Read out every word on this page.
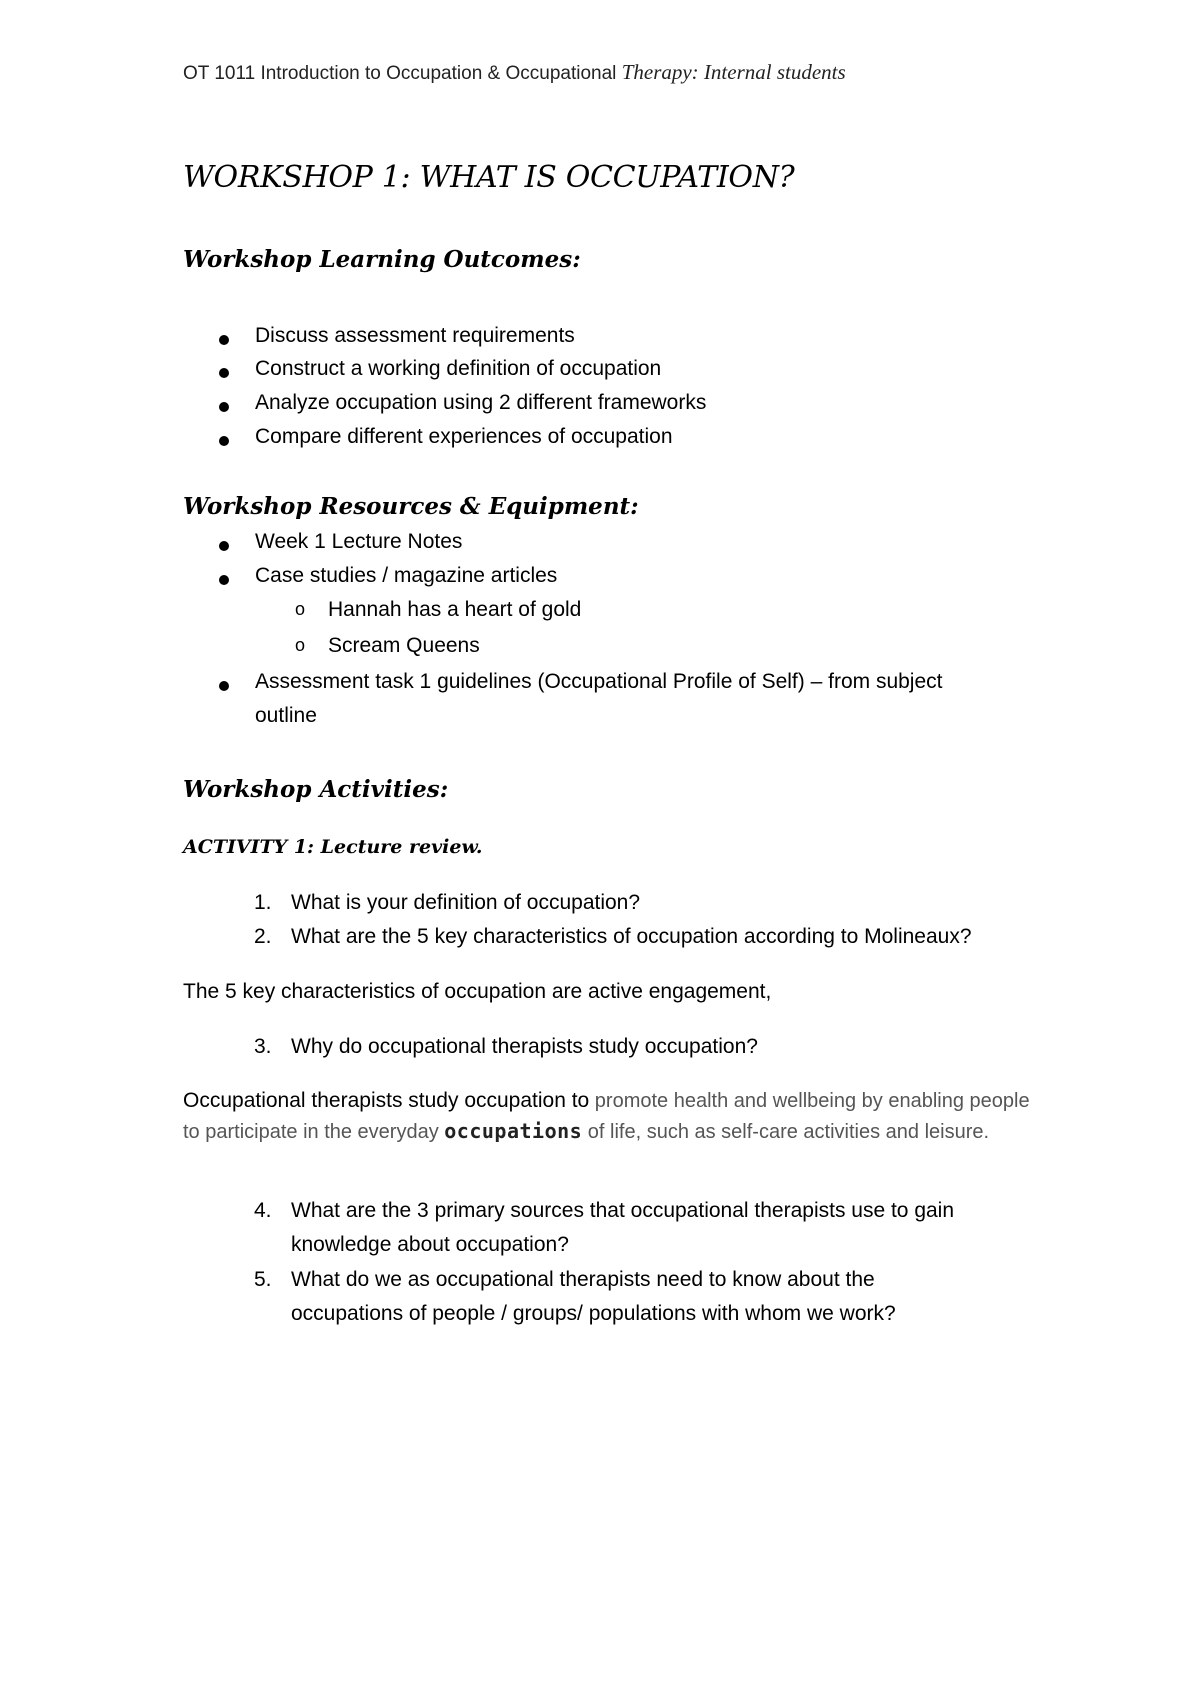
OT 1011 Introduction to Occupation & Occupational Therapy: Internal students
WORKSHOP 1: WHAT IS OCCUPATION?
Workshop Learning Outcomes:
Discuss assessment requirements
Construct a working definition of occupation
Analyze occupation using 2 different frameworks
Compare different experiences of occupation
Workshop Resources & Equipment:
Week 1 Lecture Notes
Case studies / magazine articles
o Hannah has a heart of gold
o Scream Queens
Assessment task 1 guidelines (Occupational Profile of Self) – from subject
outline
Workshop Activities:
ACTIVITY 1: Lecture review.
1. What is your definition of occupation?
2. What are the 5 key characteristics of occupation according to Molineaux?
The 5 key characteristics of occupation are active engagement,
3. Why do occupational therapists study occupation?
Occupational therapists study occupation to promote health and wellbeing by enabling people to participate in the everyday occupations of life, such as self-care activities and leisure.
4. What are the 3 primary sources that occupational therapists use to gain
knowledge about occupation?
5. What do we as occupational therapists need to know about the
occupations of people / groups/ populations with whom we work?
